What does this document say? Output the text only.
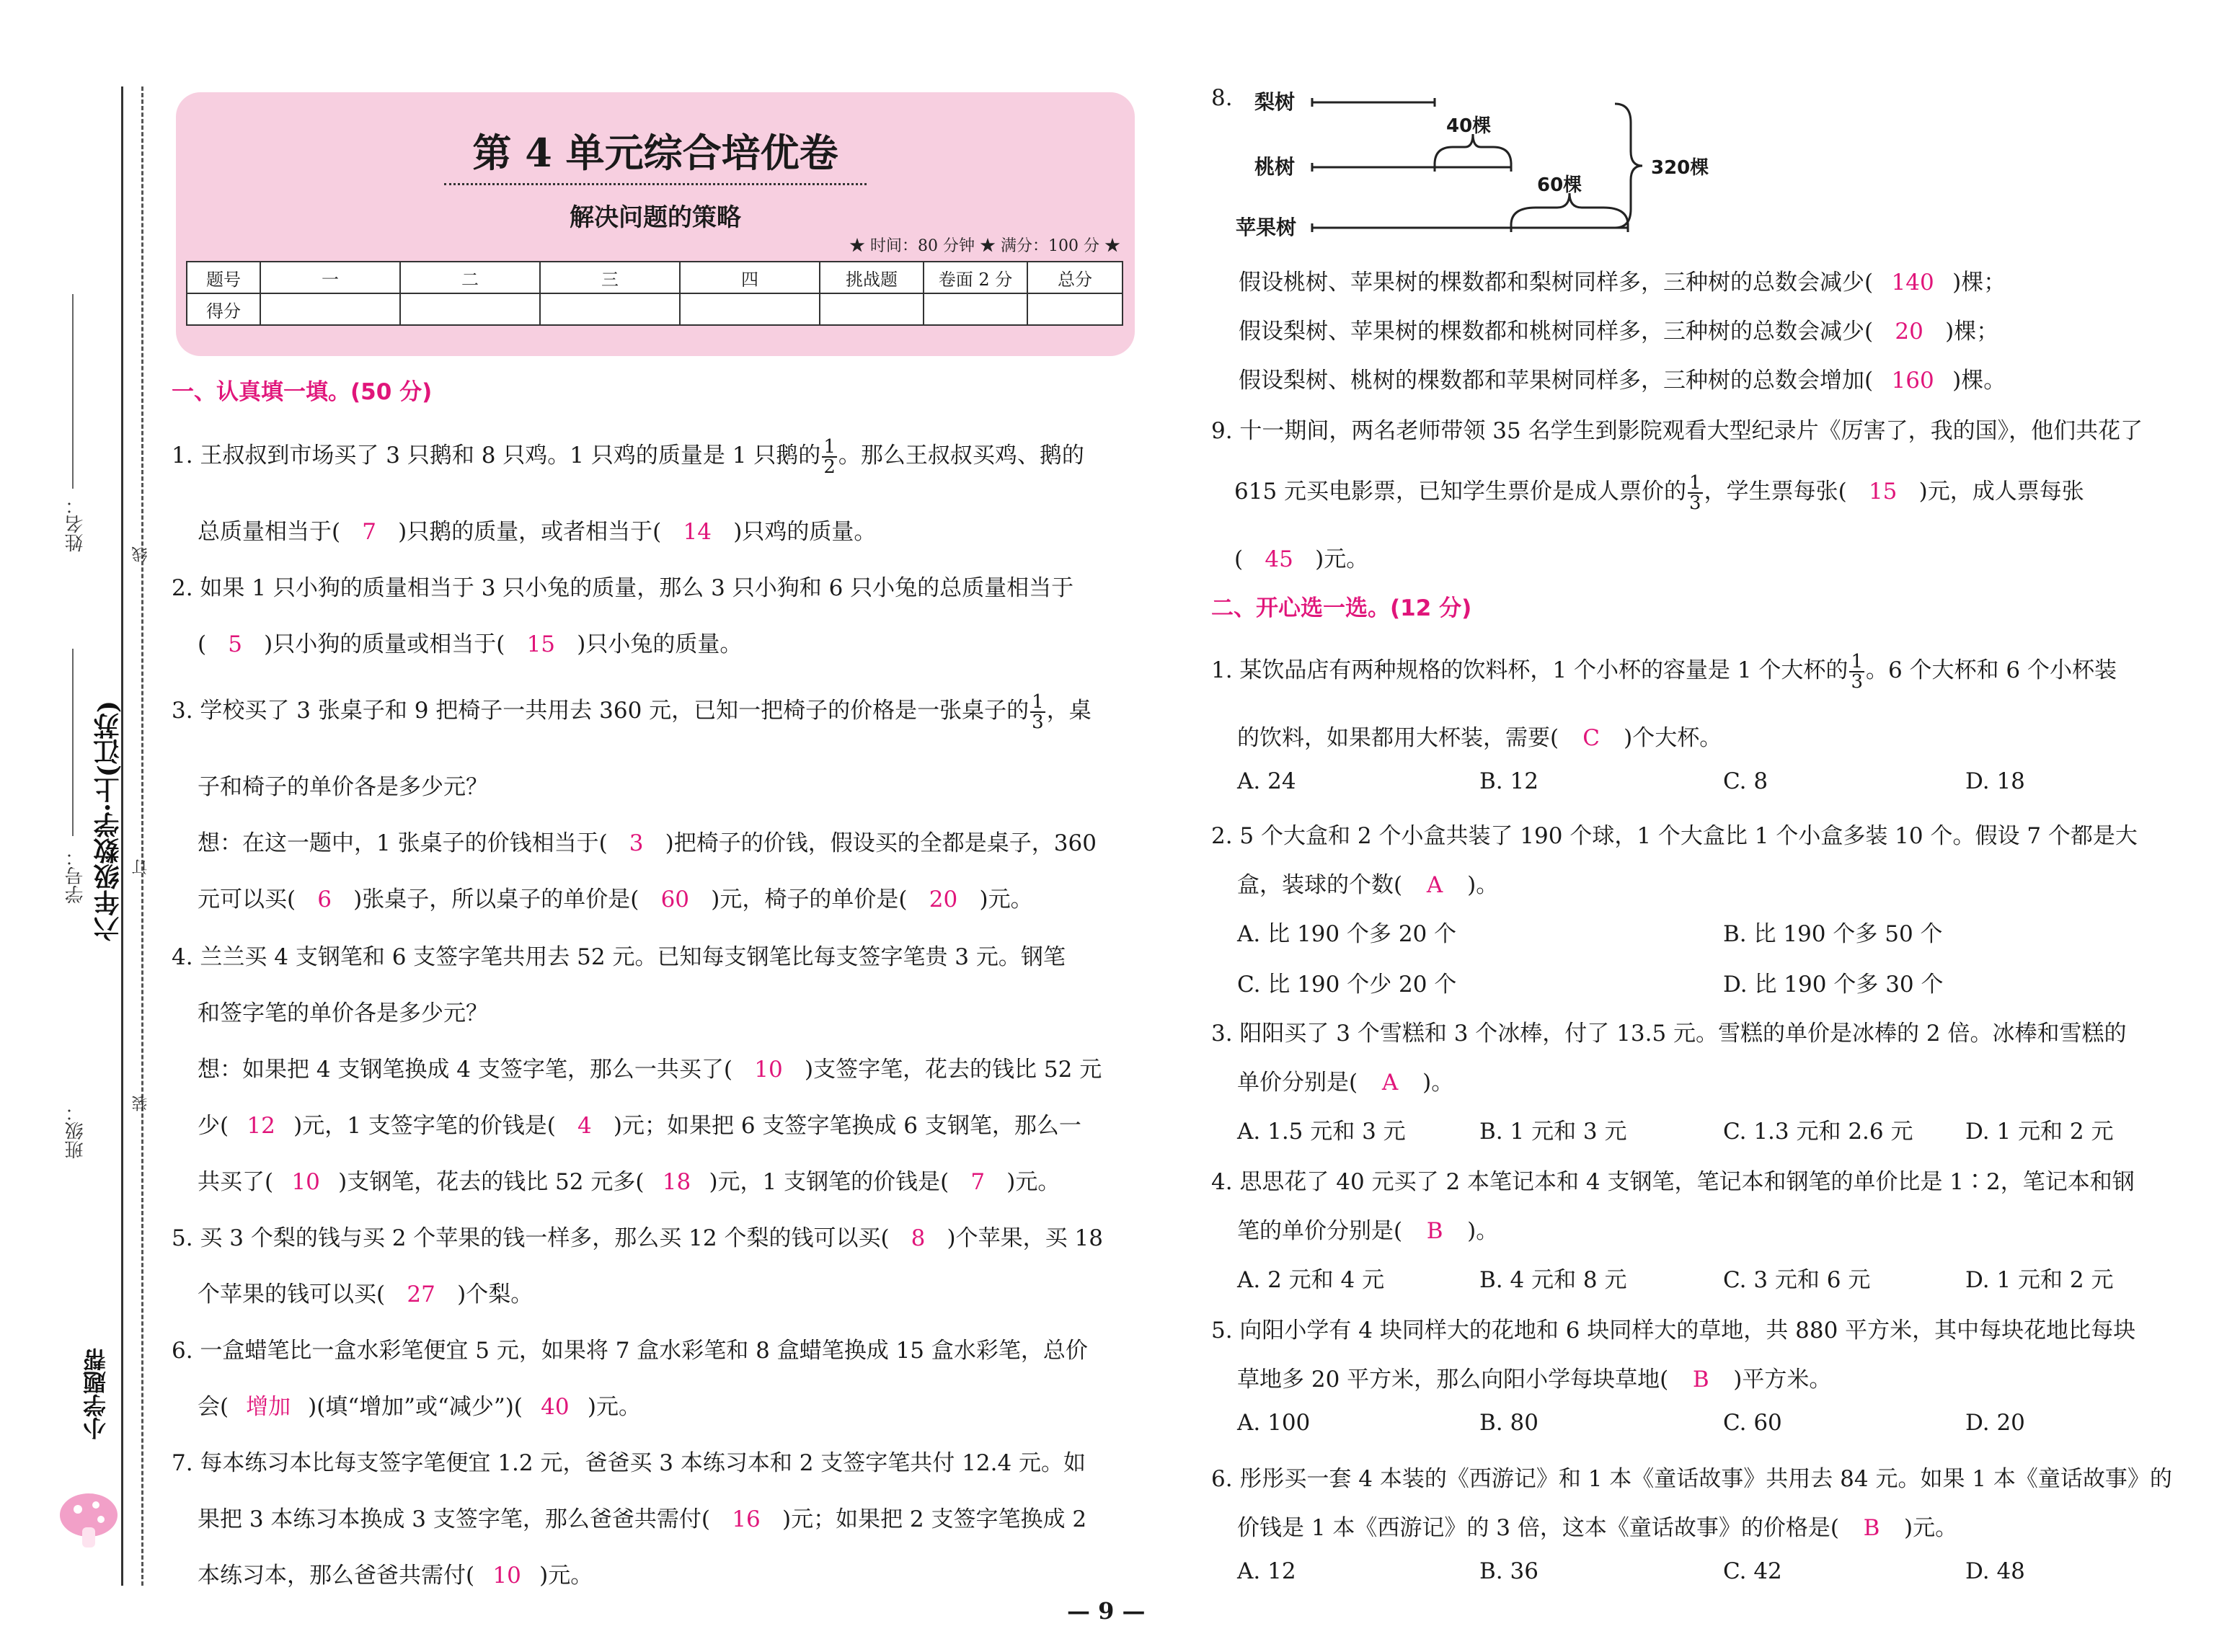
姓名：
学号： 六年级数学·上(江苏)
班级：
线
订
装
小学题帮
第 4 单元综合培优卷
解决问题的策略
★ 时间：80 分钟 ★ 满分：100 分 ★
题号	一	二	三	四	挑战题	卷面 2 分	总分
得分							
一、认真填一填。(50 分)
1. 王叔叔到市场买了 3 只鹅和 8 只鸡。1 只鸡的质量是 1 只鹅的 $\frac{1}{2}$ 。那么王叔叔买鸡、鹅的
总质量相当于( 7 )只鹅的质量，或者相当于( 14 )只鸡的质量。
2. 如果 1 只小狗的质量相当于 3 只小兔的质量，那么 3 只小狗和 6 只小兔的总质量相当于
( 5 )只小狗的质量或相当于( 15 )只小兔的质量。
3. 学校买了 3 张桌子和 9 把椅子一共用去 360 元，已知一把椅子的价格是一张桌子的 $\frac{1}{3}$ ，桌
子和椅子的单价各是多少元？
想：在这一题中，1 张桌子的价钱相当于( 3 )把椅子的价钱，假设买的全都是桌子，360
元可以买( 6 )张桌子，所以桌子的单价是( 60 )元，椅子的单价是( 20 )元。
4. 兰兰买 4 支钢笔和 6 支签字笔共用去 52 元。已知每支钢笔比每支签字笔贵 3 元。钢笔
和签字笔的单价各是多少元？
想：如果把 4 支钢笔换成 4 支签字笔，那么一共买了( 10 )支签字笔，花去的钱比 52 元
少( 12 )元，1 支签字笔的价钱是( 4 )元；如果把 6 支签字笔换成 6 支钢笔，那么一
共买了( 10 )支钢笔，花去的钱比 52 元多( 18 )元，1 支钢笔的价钱是( 7 )元。
5. 买 3 个梨的钱与买 2 个苹果的钱一样多，那么买 12 个梨的钱可以买( 8 )个苹果，买 18
个苹果的钱可以买( 27 )个梨。
6. 一盒蜡笔比一盒水彩笔便宜 5 元，如果将 7 盒水彩笔和 8 盒蜡笔换成 15 盒水彩笔，总价
会( 增加 )(填“增加”或“减少”)( 40 )元。
7. 每本练习本比每支签字笔便宜 1.2 元，爸爸买 3 本练习本和 2 支签字笔共付 12.4 元。如
果把 3 本练习本换成 3 支签字笔，那么爸爸共需付( 16 )元；如果把 2 支签字笔换成 2
本练习本，那么爸爸共需付( 10 )元。
8. 梨树
桃树
苹果树
40棵
60棵
320棵
假设桃树、苹果树的棵数都和梨树同样多，三种树的总数会减少( 140 )棵；
假设梨树、苹果树的棵数都和桃树同样多，三种树的总数会减少( 20 )棵；
假设梨树、桃树的棵数都和苹果树同样多，三种树的总数会增加( 160 )棵。
9. 十一期间，两名老师带领 35 名学生到影院观看大型纪录片《厉害了，我的国》，他们共花了
615 元买电影票，已知学生票价是成人票价的 $\frac{1}{3}$ ，学生票每张( 15 )元，成人票每张
( 45 )元。
二、开心选一选。(12 分)
1. 某饮品店有两种规格的饮料杯，1 个小杯的容量是 1 个大杯的 $\frac{1}{3}$ 。6 个大杯和 6 个小杯装
的饮料，如果都用大杯装，需要( C )个大杯。
A. 24	B. 12	C. 8	D. 18
2. 5 个大盒和 2 个小盒共装了 190 个球，1 个大盒比 1 个小盒多装 10 个。假设 7 个都是大
盒，装球的个数( A )。
A. 比 190 个多 20 个	B. 比 190 个多 50 个
C. 比 190 个少 20 个	D. 比 190 个多 30 个
3. 阳阳买了 3 个雪糕和 3 个冰棒，付了 13.5 元。雪糕的单价是冰棒的 2 倍。冰棒和雪糕的
单价分别是( A )。
A. 1.5 元和 3 元	B. 1 元和 3 元	C. 1.3 元和 2.6 元 D. 1 元和 2 元
4. 思思花了 40 元买了 2 本笔记本和 4 支钢笔，笔记本和钢笔的单价比是 1∶2，笔记本和钢
笔的单价分别是( B )。
A. 2 元和 4 元	B. 4 元和 8 元	C. 3 元和 6 元	D. 1 元和 2 元
5. 向阳小学有 4 块同样大的花地和 6 块同样大的草地，共 880 平方米，其中每块花地比每块
草地多 20 平方米，那么向阳小学每块草地( B )平方米。
A. 100	B. 80	C. 60	D. 20
6. 彤彤买一套 4 本装的《西游记》和 1 本《童话故事》共用去 84 元。如果 1 本《童话故事》的
价钱是 1 本《西游记》的 3 倍，这本《童话故事》的价格是( B )元。
A. 12	B. 36	C. 42	D. 48
— 9 —
